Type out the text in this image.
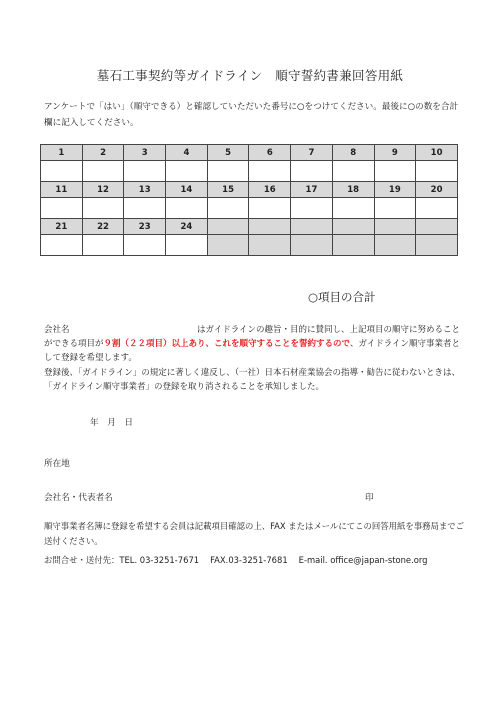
墓石工事契約等ガイドライン　順守誓約書兼回答用紙
アンケートで「はい」（順守できる）と確認していただいた番号に○をつけてください。最後に○の数を合計欄に記入してください。
1	2	3	4	5	6	7	8	9	10

11	12	13	14	15	16	17	18	19	20

21	22	23	24						

○項目の合計
会社名　　　　　　　　　　　　　　　はガイドラインの趣旨・目的に賛同し、上記項目の順守に努めることができる項目が９割（２２項目）以上あり、これを順守することを誓約するので、ガイドライン順守事業者として登録を希望します。
登録後、「ガイドライン」の規定に著しく違反し、（一社）日本石材産業協会の指導・勧告に従わないときは、「ガイドライン順守事業者」の登録を取り消されることを承知しました。
年　月　日
所在地
会社名・代表者名	印
順守事業者名簿に登録を希望する会員は記載項目確認の上、FAX またはメールにてこの回答用紙を事務局までご送付ください。
お問合せ・送付先：TEL. 03-3251-7671　 FAX.03-3251-7681　 E-mail. office@japan-stone.org
